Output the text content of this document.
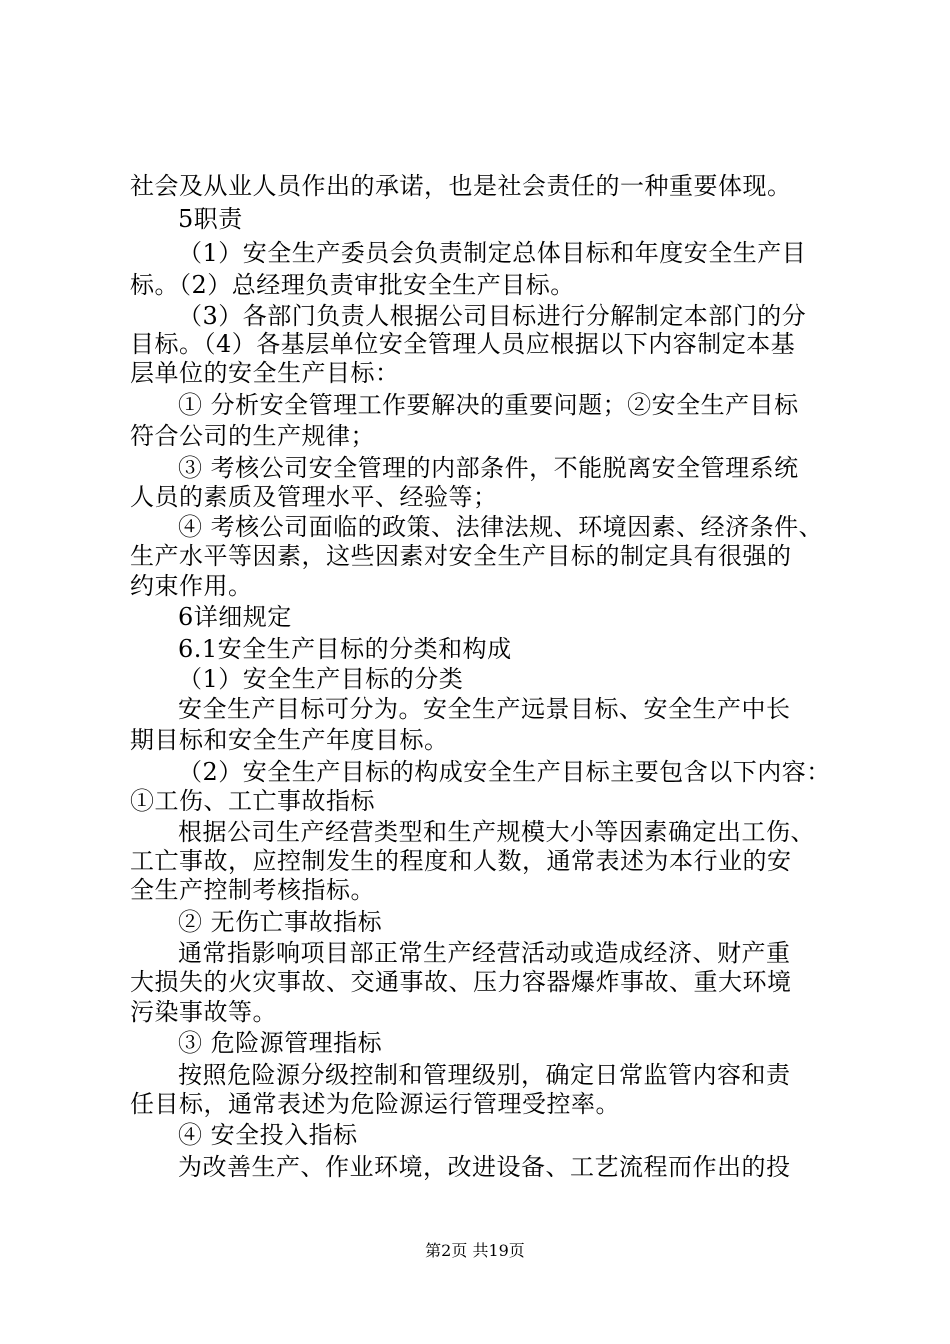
社会及从业人员作出的承诺，也是社会责任的一种重要体现。
5职责
（1）安全生产委员会负责制定总体目标和年度安全生产目
标。（2）总经理负责审批安全生产目标。
（3）各部门负责人根据公司目标进行分解制定本部门的分
目标。（4）各基层单位安全管理人员应根据以下内容制定本基
层单位的安全生产目标：
① 分析安全管理工作要解决的重要问题；②安全生产目标
符合公司的生产规律；
③ 考核公司安全管理的内部条件，不能脱离安全管理系统
人员的素质及管理水平、经验等；
④ 考核公司面临的政策、法律法规、环境因素、经济条件、
生产水平等因素，这些因素对安全生产目标的制定具有很强的
约束作用。
6详细规定
6.1安全生产目标的分类和构成
（1）安全生产目标的分类
安全生产目标可分为。安全生产远景目标、安全生产中长
期目标和安全生产年度目标。
（2）安全生产目标的构成安全生产目标主要包含以下内容：
①工伤、工亡事故指标
根据公司生产经营类型和生产规模大小等因素确定出工伤、
工亡事故，应控制发生的程度和人数，通常表述为本行业的安
全生产控制考核指标。
② 无伤亡事故指标
通常指影响项目部正常生产经营活动或造成经济、财产重
大损失的火灾事故、交通事故、压力容器爆炸事故、重大环境
污染事故等。
③ 危险源管理指标
按照危险源分级控制和管理级别，确定日常监管内容和责
任目标，通常表述为危险源运行管理受控率。
④ 安全投入指标
为改善生产、作业环境，改进设备、工艺流程而作出的投
第2页 共19页
